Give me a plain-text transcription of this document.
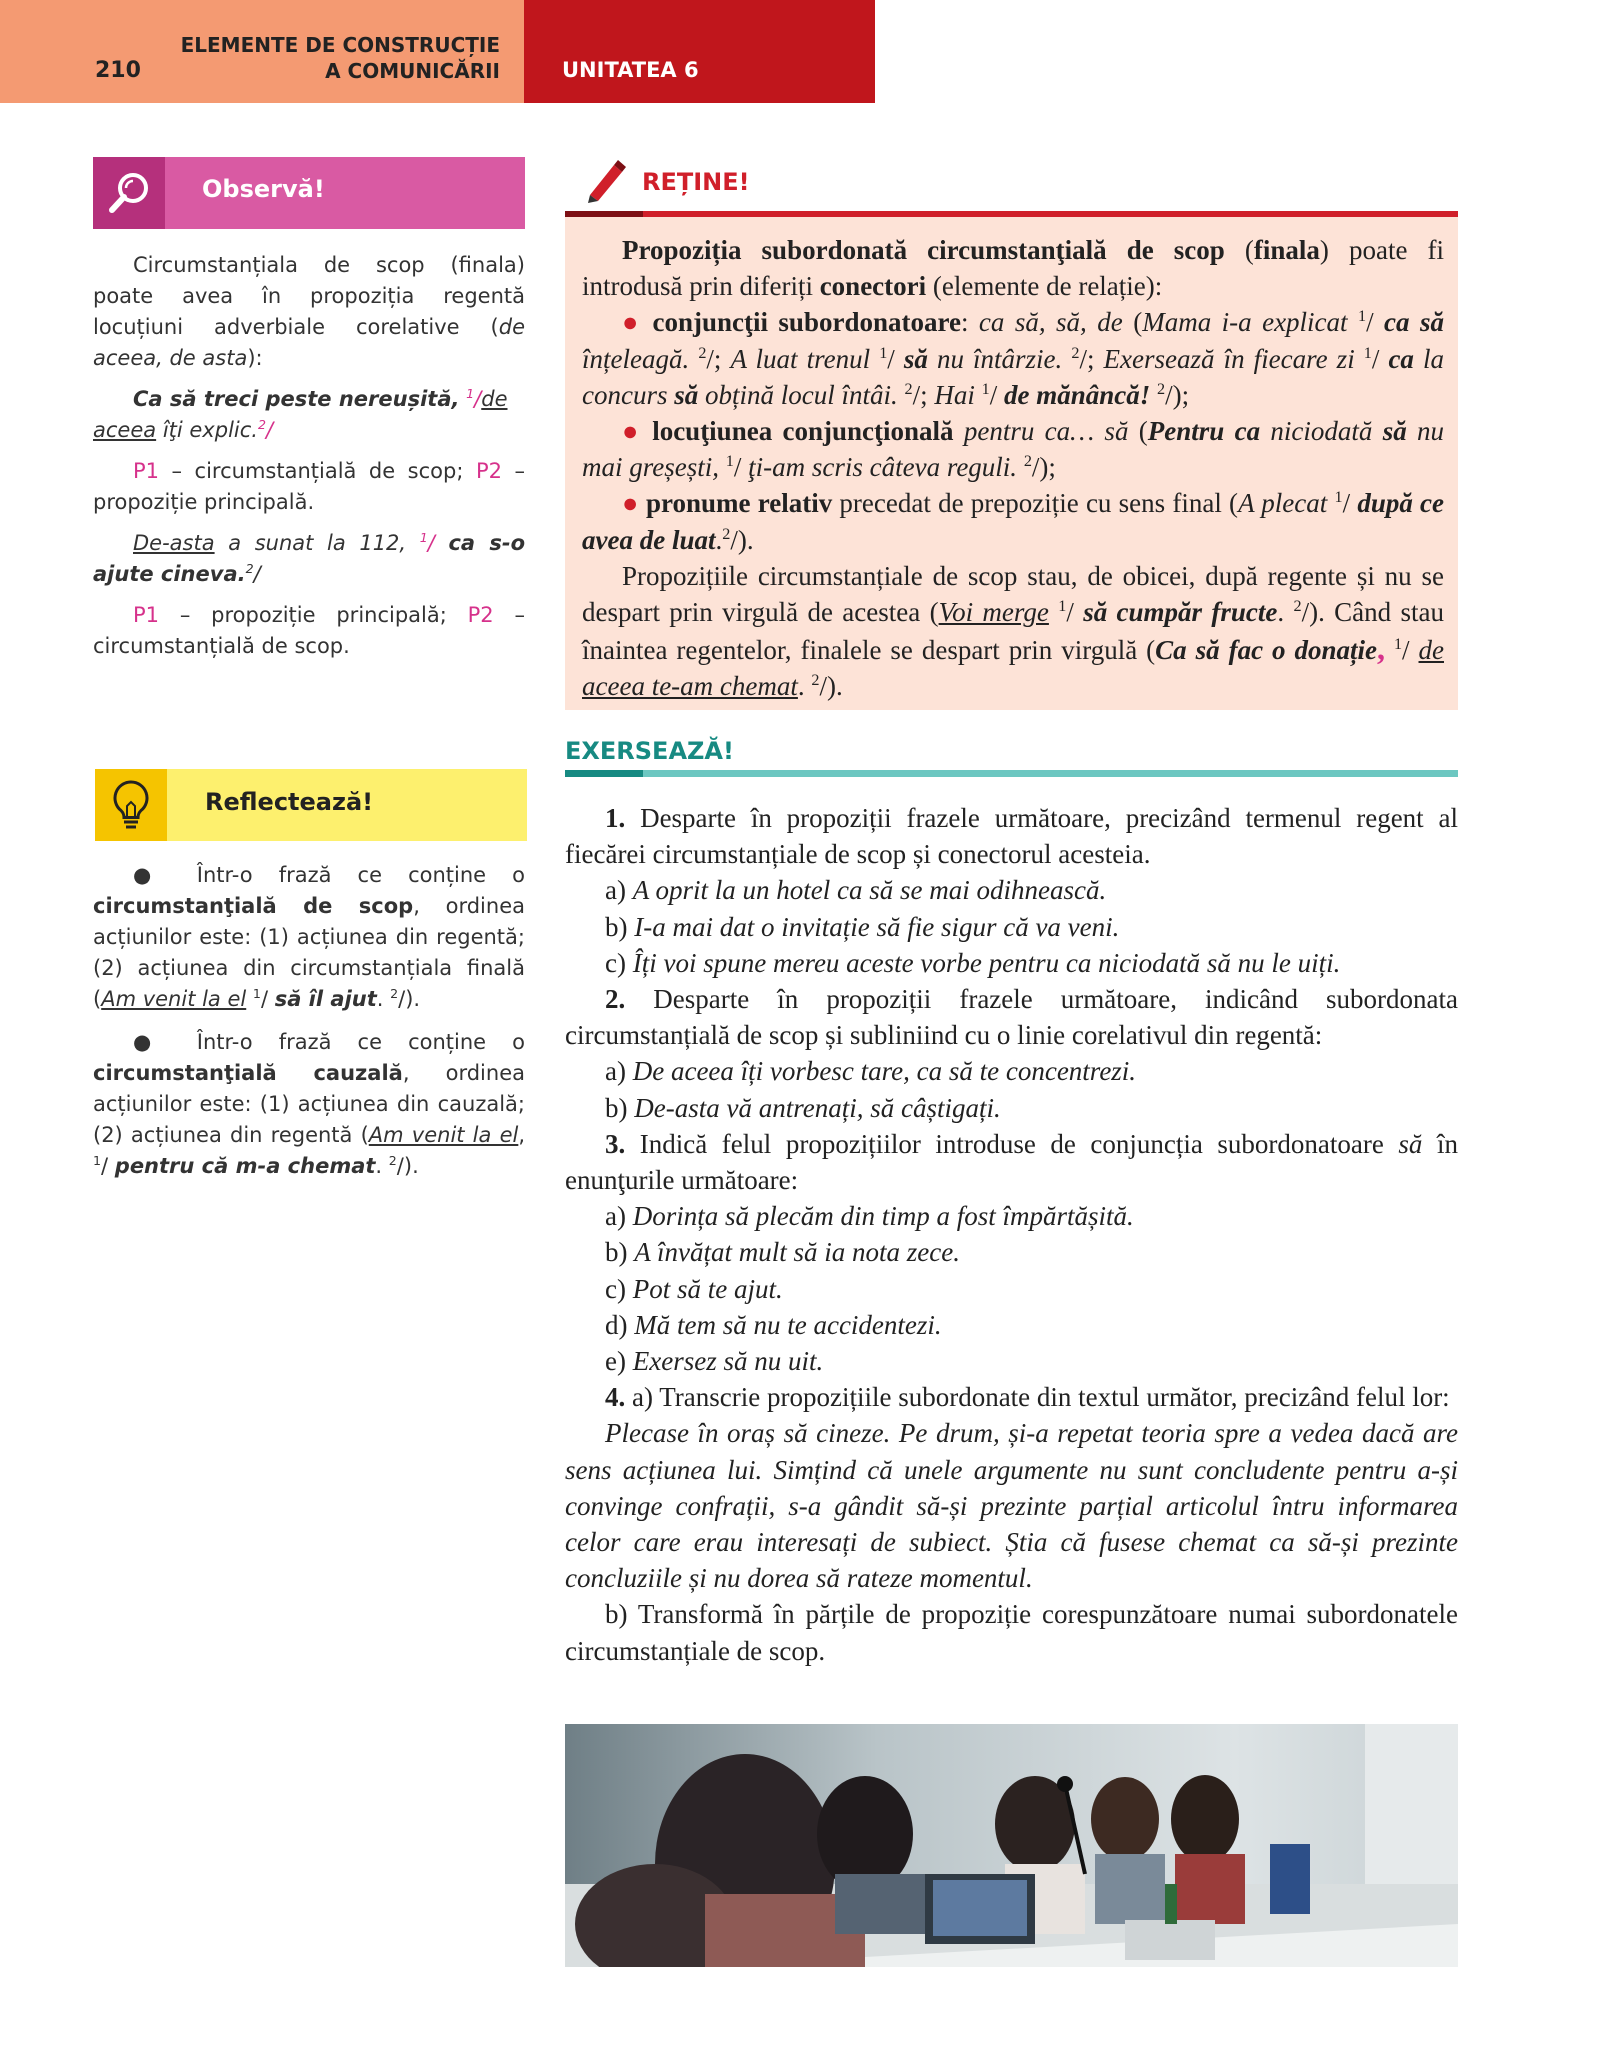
210
ELEMENTE DE CONSTRUCȚIE
A COMUNICĂRII	UNITATEA 6
Observă!

Circumstanțiala de scop (finala) poate avea în propoziția regentă locuțiuni adverbiale corelative (de aceea, de asta):

Ca să treci peste nereușită, $^1$/de aceea îţi explic.$^2$/

P1 – circumstanțială de scop; P2 – propoziție principală.

De-asta a sunat la 112, $^1$/ ca s-o ajute cineva.$^2$/

P1 – propoziție principală; P2 – circumstanțială de scop.

Reflectează!

● Într-o frază ce conține o circumstanţială de scop, ordinea acțiunilor este: (1) acțiunea din regentă; (2) acțiunea din circumstanțiala finală (Am venit la el $^1$/ să îl ajut. $^2$/).

● Într-o frază ce conține o circumstanţială cauzală, ordinea acțiunilor este: (1) acțiunea din cauzală; (2) acțiunea din regentă (Am venit la el, $^1$/ pentru că m-a chemat. $^2$/).

REȚINE!

Propoziția subordonată circumstanţială de scop (finala) poate fi introdusă prin diferiți conectori (elemente de relație):

● conjuncţii subordonatoare: ca să, să, de (Mama i-a explicat $^1$/ ca să înțeleagă. $^2$/; A luat trenul $^1$/ să nu întârzie. $^2$/; Exersează în fiecare zi $^1$/ ca la concurs să obțină locul întâi. $^2$/; Hai $^1$/ de mănâncă! $^2$/);

● locuţiunea conjuncţională pentru ca… să (Pentru ca niciodată să nu mai greșești, $^1$/ ţi-am scris câteva reguli. $^2$/);

● pronume relativ precedat de prepoziție cu sens final (A plecat $^1$/ după ce avea de luat.$^2$/).

Propozițiile circumstanțiale de scop stau, de obicei, după regente și nu se despart prin virgulă de acestea (Voi merge $^1$/ să cumpăr fructe. $^2$/). Când stau înaintea regentelor, finalele se despart prin virgulă (Ca să fac o donație, $^1$/ de aceea te-am chemat. $^2$/).

EXERSEAZĂ!

1. Desparte în propoziții frazele următoare, precizând termenul regent al fiecărei circumstanțiale de scop și conectorul acesteia.

a) A oprit la un hotel ca să se mai odihnească.

b) I-a mai dat o invitație să fie sigur că va veni.

c) Îți voi spune mereu aceste vorbe pentru ca niciodată să nu le uiți.

2. Desparte în propoziții frazele următoare, indicând subordonata circumstanțială de scop și subliniind cu o linie corelativul din regentă:

a) De aceea îți vorbesc tare, ca să te concentrezi.

b) De-asta vă antrenați, să câștigați.

3. Indică felul propozițiilor introduse de conjuncția subordonatoare să în enunţurile următoare:

a) Dorința să plecăm din timp a fost împărtășită.

b) A învățat mult să ia nota zece.

c) Pot să te ajut.

d) Mă tem să nu te accidentezi.

e) Exersez să nu uit.

4. a) Transcrie propozițiile subordonate din textul următor, precizând felul lor:

Plecase în oraș să cineze. Pe drum, și-a repetat teoria spre a vedea dacă are sens acțiunea lui. Simțind că unele argumente nu sunt concludente pentru a-și convinge confrații, s-a gândit să-și prezinte parțial articolul întru informarea celor care erau interesați de subiect. Știa că fusese chemat ca să-și prezinte concluziile și nu dorea să rateze momentul.

b) Transformă în părțile de propoziție corespunzătoare numai subordonatele circumstanțiale de scop.
